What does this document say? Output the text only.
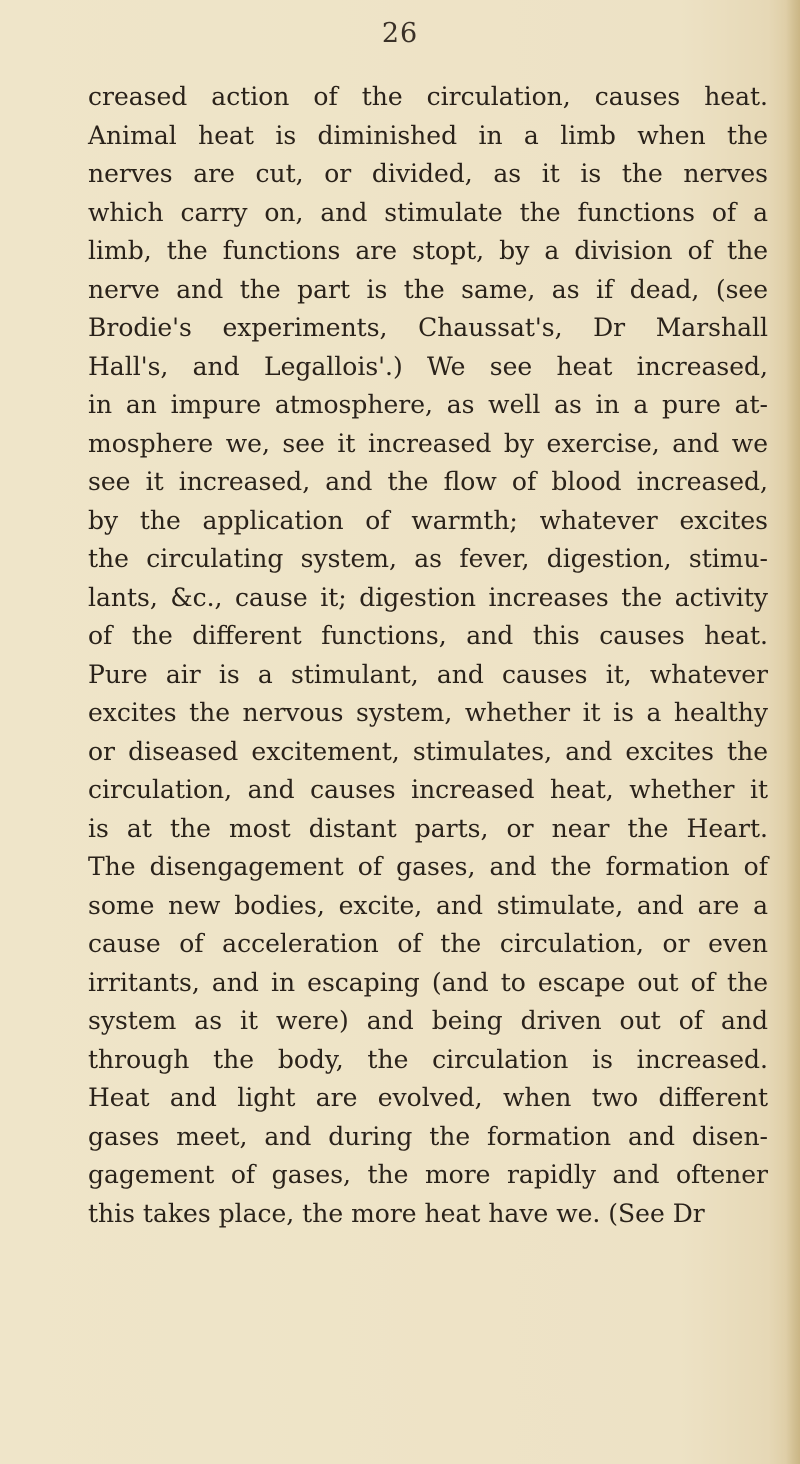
26

creased action of the circulation, causes heat.
Animal heat is diminished in a limb when the
nerves are cut, or divided, as it is the nerves
which carry on, and stimulate the functions of a
limb, the functions are stopt, by a division of the
nerve and the part is the same, as if dead, (see
Brodie's experiments, Chaussat's, Dr Marshall
Hall's, and Legallois'.) We see heat increased,
in an impure atmosphere, as well as in a pure at-
mosphere we, see it increased by exercise, and we
see it increased, and the flow of blood increased,
by the application of warmth; whatever excites
the circulating system, as fever, digestion, stimu-
lants, &c., cause it; digestion increases the activity
of the different functions, and this causes heat.
Pure air is a stimulant, and causes it, whatever
excites the nervous system, whether it is a healthy
or diseased excitement, stimulates, and excites the
circulation, and causes increased heat, whether it
is at the most distant parts, or near the Heart.
The disengagement of gases, and the formation of
some new bodies, excite, and stimulate, and are a
cause of acceleration of the circulation, or even
irritants, and in escaping (and to escape out of the
system as it were) and being driven out of and
through the body, the circulation is increased.
Heat and light are evolved, when two different
gases meet, and during the formation and disen-
gagement of gases, the more rapidly and oftener
this takes place, the more heat have we. (See Dr
